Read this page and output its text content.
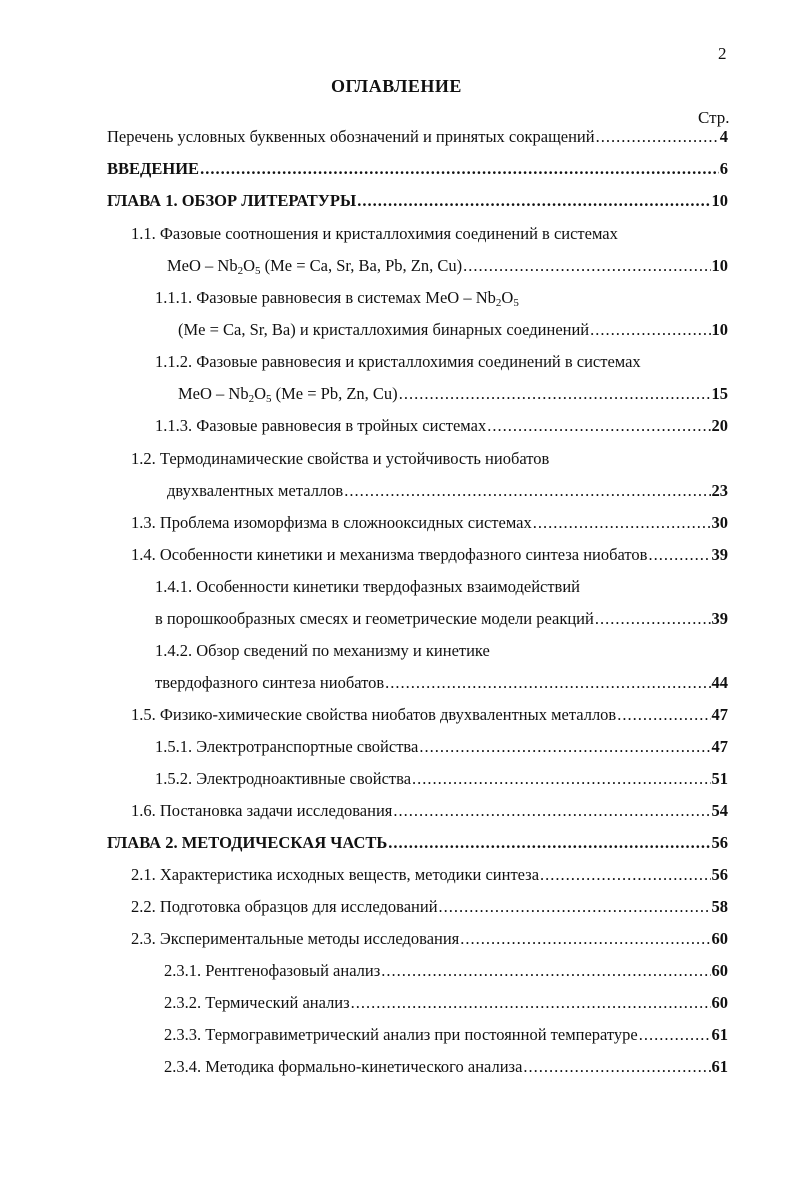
2
ОГЛАВЛЕНИЕ
Стр.
Перечень условных буквенных обозначений и принятых сокращений .....	4
ВВЕДЕНИЕ .....	6
ГЛАВА 1. ОБЗОР ЛИТЕРАТУРЫ .....	10
1.1. Фазовые соотношения и кристаллохимия соединений в системах
MeO – $Nb_2O_5$ (Me = Ca, Sr, Ba, Pb, Zn, Cu) .....	10
1.1.1. Фазовые равновесия в системах MeO – $Nb_2O_5$
(Me = Ca, Sr, Ba) и кристаллохимия бинарных соединений .....	10
1.1.2. Фазовые равновесия и кристаллохимия соединений в системах
MeO – $Nb_2O_5$ (Me = Pb, Zn, Cu) .....	15
1.1.3. Фазовые равновесия в тройных системах .....	20
1.2. Термодинамические свойства и устойчивость ниобатов
двухвалентных металлов .....	23
1.3. Проблема изоморфизма в сложнооксидных системах .....	30
1.4. Особенности кинетики и механизма твердофазного синтеза ниобатов .....	39
1.4.1. Особенности кинетики твердофазных взаимодействий
в порошкообразных смесях и геометрические модели реакций .....	39
1.4.2. Обзор сведений по механизму и кинетике
твердофазного синтеза ниобатов .....	44
1.5. Физико-химические свойства ниобатов двухвалентных металлов .....	47
1.5.1. Электротранспортные свойства .....	47
1.5.2. Электродноактивные свойства .....	51
1.6. Постановка задачи исследования .....	54
ГЛАВА 2. МЕТОДИЧЕСКАЯ ЧАСТЬ .....	56
2.1. Характеристика исходных веществ, методики синтеза .....	56
2.2. Подготовка образцов для исследований .....	58
2.3. Экспериментальные методы исследования .....	60
2.3.1. Рентгенофазовый анализ .....	60
2.3.2. Термический анализ .....	60
2.3.3. Термогравиметрический анализ при постоянной температуре .....	61
2.3.4. Методика формально-кинетического анализа .....	61
